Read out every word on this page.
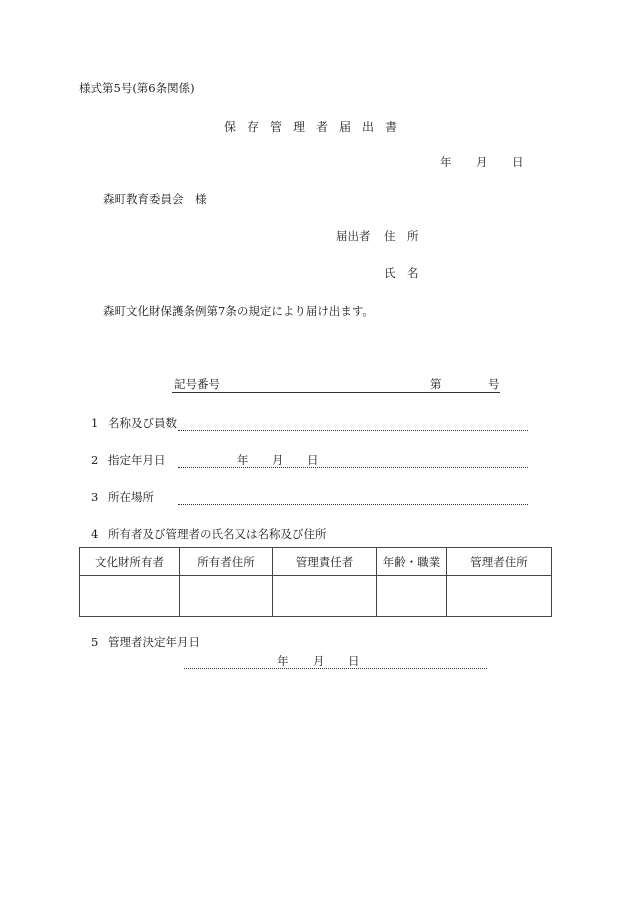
様式第5号(第6条関係)
保存管理者届出書
年 月 日
森町教育委員会　様
届出者 住　所
氏　名
森町文化財保護条例第7条の規定により届け出ます。
記号番号	第	号
1 名称及び員数
2 指定年月日	年 月 日
3 所在場所
4 所有者及び管理者の氏名又は名称及び住所
文化財所有者	所有者住所	管理責任者	年齢・職業	管理者住所

5 管理者決定年月日
年 月 日
